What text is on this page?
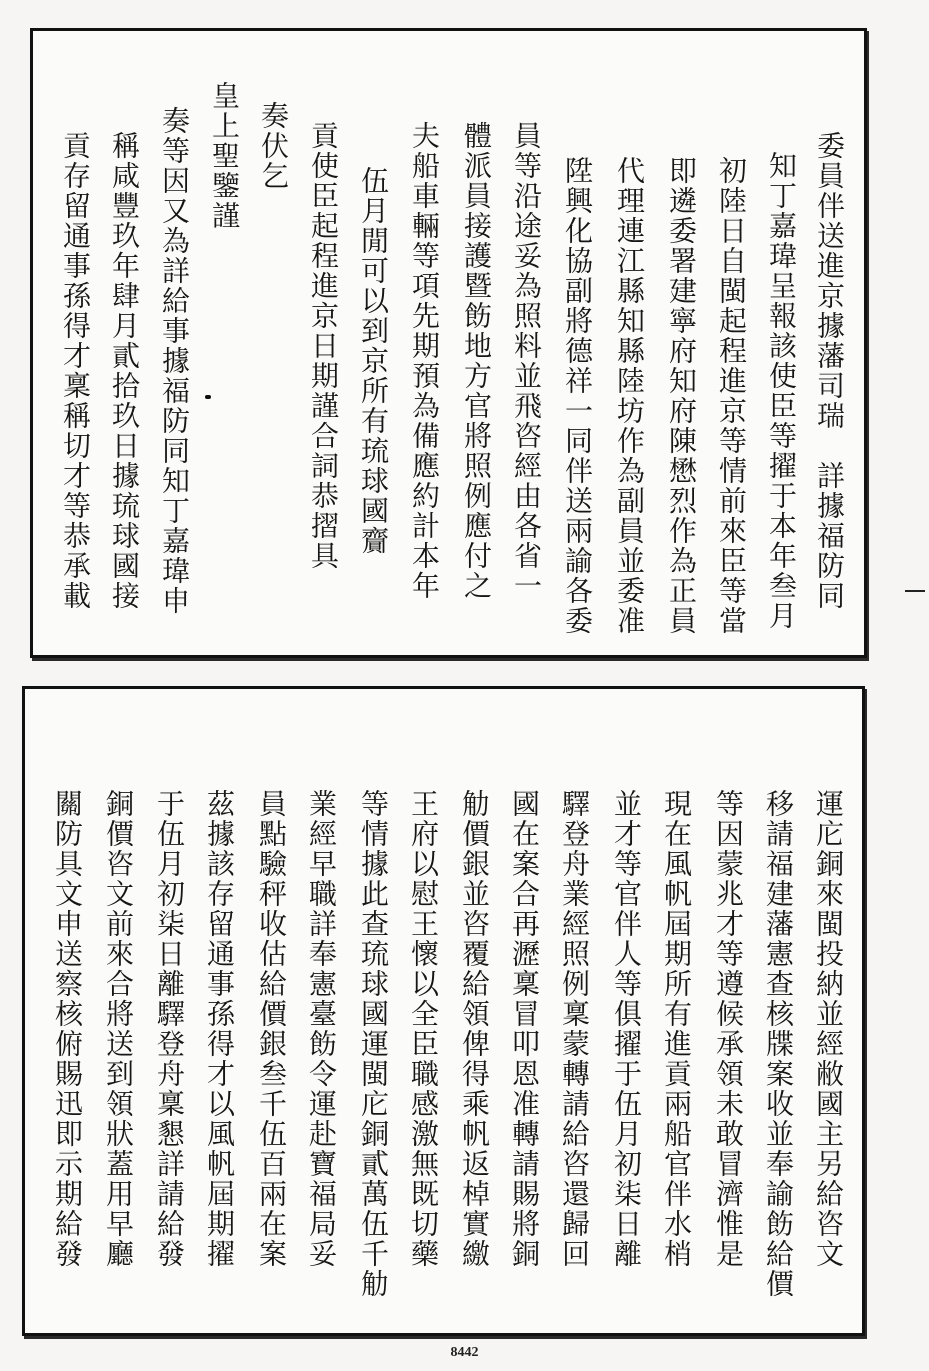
委員伴送進京據藩司瑞　詳據福防同
知丁嘉瑋呈報該使臣等擢于本年叁月
初陸日自閩起程進京等情前來臣等當
即遴委署建寧府知府陳懋烈作為正員
代理連江縣知縣陸坊作為副員並委准
陞興化協副將德祥一同伴送兩諭各委
員等沿途妥為照料並飛咨經由各省一
體派員接護暨飭地方官將照例應付之
夫船車輛等項先期預為備應約計本年
伍月閒可以到京所有琉球國齎
貢使臣起程進京日期謹合詞恭摺具
奏伏乞
皇上聖鑒謹
奏等因又為詳給事據福防同知丁嘉瑋申
稱咸豐玖年肆月貳拾玖日據琉球國接
貢存留通事孫得才稟稱切才等恭承載
運庀銅來閩投納並經敝國主另給咨文
移請福建藩憲查核牒案收並奉諭飭給價
等因蒙兆才等遵候承領未敢冒濟惟是
現在風帆屆期所有進貢兩船官伴水梢
並才等官伴人等俱擢于伍月初柒日離
驛登舟業經照例稟蒙轉請給咨還歸回
國在案合再瀝稟冒叩恩准轉請賜將銅
觔價銀並咨覆給領俾得乘帆返棹實繳
王府以慰王懷以全臣職感激無既切藥
等情據此查琉球國運閩庀銅貳萬伍千觔
業經早職詳奉憲臺飭令運赴寶福局妥
員點驗秤收估給價銀叁千伍百兩在案
茲據該存留通事孫得才以風帆屆期擢
于伍月初柒日離驛登舟稟懇詳請給發
銅價咨文前來合將送到領狀蓋用早廳
關防具文申送察核俯賜迅即示期給發
8442
